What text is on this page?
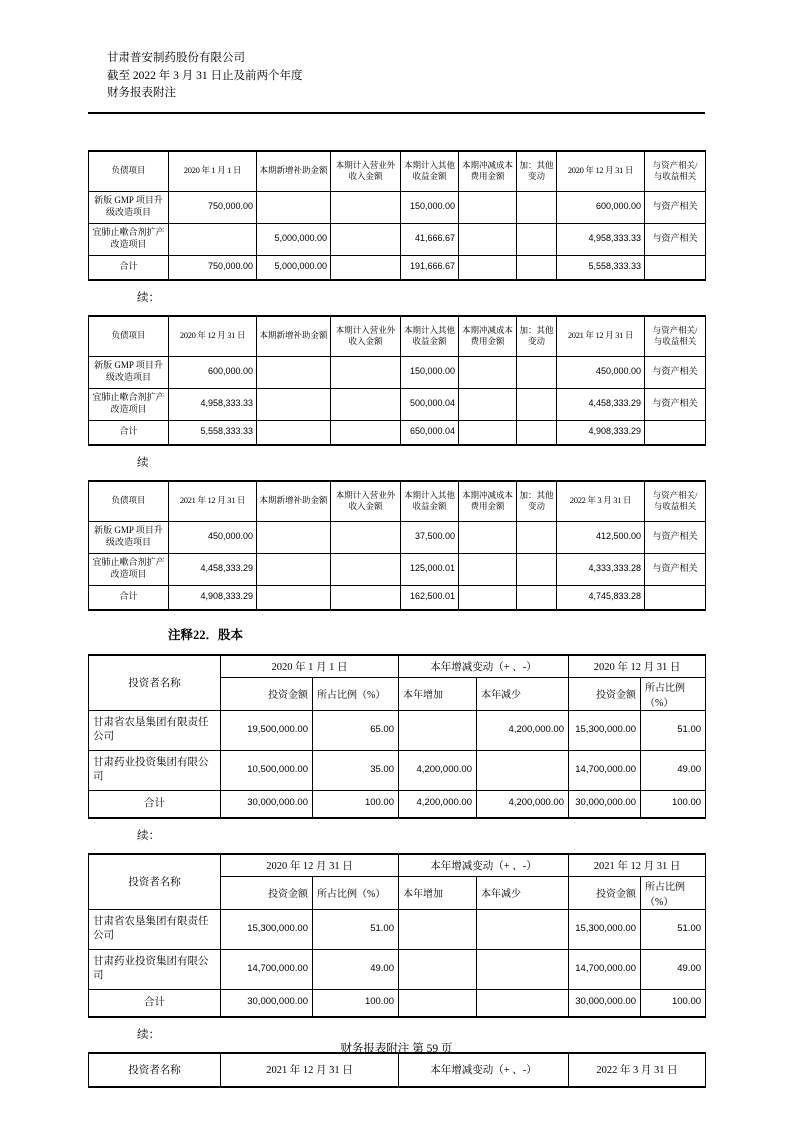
甘肃普安制药股份有限公司
截至 2022 年 3 月 31 日止及前两个年度
财务报表附注
负债项目	2020 年 1 月 1 日	本期新增补助金额	本期计入营业外收入金额	本期计入其他收益金额	本期冲减成本费用金额	加：其他变动	2020 年 12 月 31 日	与资产相关/与收益相关
新版 GMP 项目升级改造项目	750,000.00			150,000.00			600,000.00	与资产相关
宜肺止嗽合剂扩产改造项目		5,000,000.00		41,666.67			4,958,333.33	与资产相关
合计	750,000.00	5,000,000.00		191,666.67			5,558,333.33	
续：
负债项目	2020 年 12 月 31 日	本期新增补助金额	本期计入营业外收入金额	本期计入其他收益金额	本期冲减成本费用金额	加：其他变动	2021 年 12 月 31 日	与资产相关/与收益相关
新版 GMP 项目升级改造项目	600,000.00			150,000.00			450,000.00	与资产相关
宜肺止嗽合剂扩产改造项目	4,958,333.33			500,000.04			4,458,333.29	与资产相关
合计	5,558,333.33			650,000.04			4,908,333.29	
续
负债项目	2021 年 12 月 31 日	本期新增补助金额	本期计入营业外收入金额	本期计入其他收益金额	本期冲减成本费用金额	加：其他变动	2022 年 3 月 31 日	与资产相关/与收益相关
新版 GMP 项目升级改造项目	450,000.00			37,500.00			412,500.00	与资产相关
宜肺止嗽合剂扩产改造项目	4,458,333.29			125,000.01			4,333,333.28	与资产相关
合计	4,908,333.29			162,500.01			4,745,833.28	
注释22．股本
投资者名称	2020 年 1 月 1 日		本年增减变动（+ 、-）		2020 年 12 月 31 日	
	投资金额	所占比例（%）	本年增加	本年减少	投资金额	所占比例（%）
甘肃省农垦集团有限责任公司	19,500,000.00	65.00		4,200,000.00	15,300,000.00	51.00
甘肃药业投资集团有限公司	10,500,000.00	35.00	4,200,000.00		14,700,000.00	49.00
合计	30,000,000.00	100.00	4,200,000.00	4,200,000.00	30,000,000.00	100.00
续：
投资者名称	2020 年 12 月 31 日		本年增减变动（+ 、-）		2021 年 12 月 31 日	
	投资金额	所占比例（%）	本年增加	本年减少	投资金额	所占比例（%）
甘肃省农垦集团有限责任公司	15,300,000.00	51.00			15,300,000.00	51.00
甘肃药业投资集团有限公司	14,700,000.00	49.00			14,700,000.00	49.00
合计	30,000,000.00	100.00			30,000,000.00	100.00
续：
投资者名称	2021 年 12 月 31 日	本年增减变动（+ 、-）	2022 年 3 月 31 日
财务报表附注 第 59 页
